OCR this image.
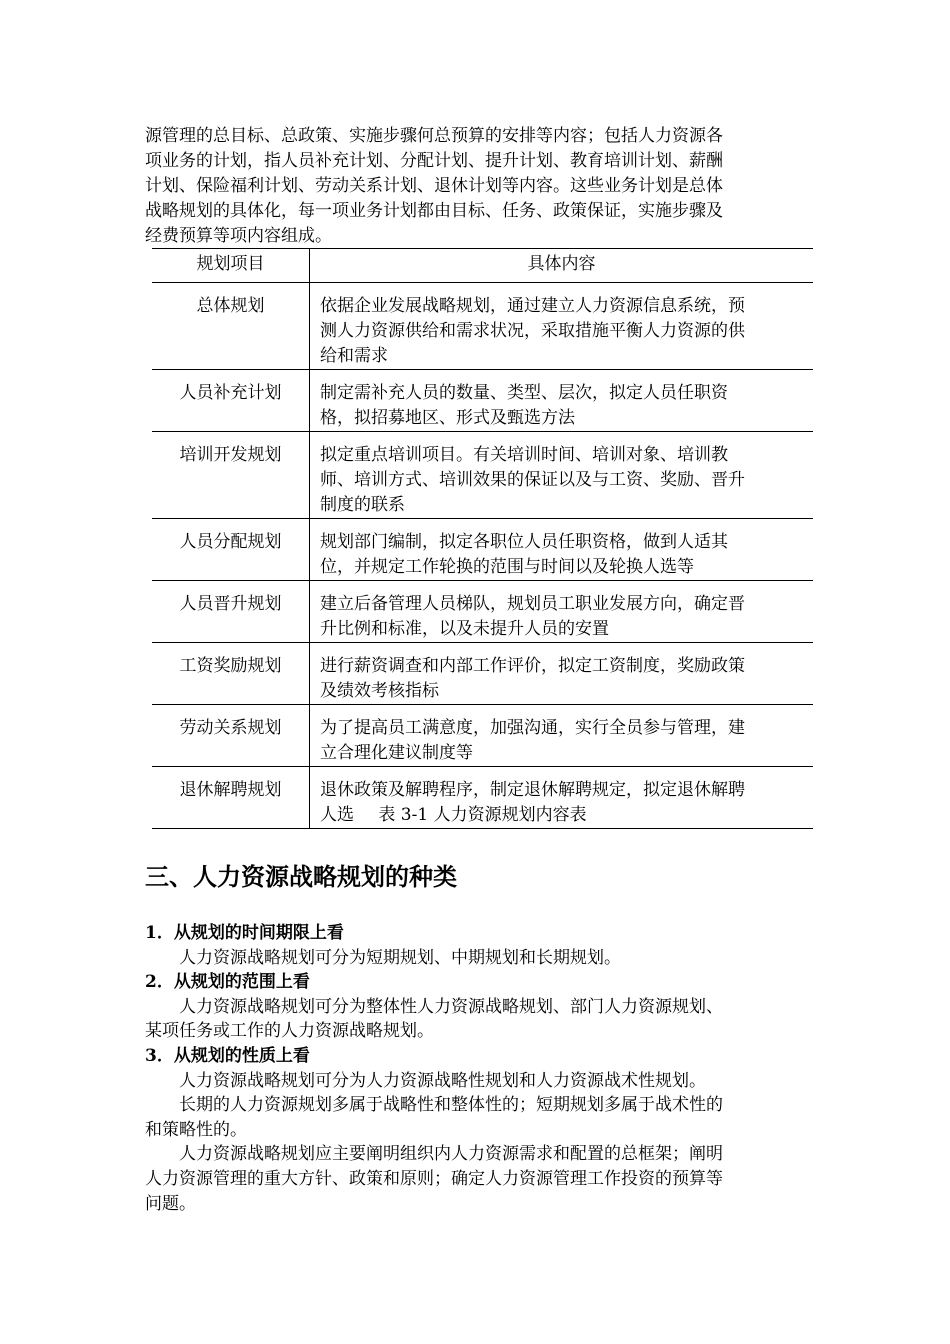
源管理的总目标、总政策、实施步骤何总预算的安排等内容；包括人力资源各
项业务的计划，指人员补充计划、分配计划、提升计划、教育培训计划、薪酬
计划、保险福利计划、劳动关系计划、退休计划等内容。这些业务计划是总体
战略规划的具体化，每一项业务计划都由目标、任务、政策保证，实施步骤及
经费预算等项内容组成。

规划项目	具体内容
总体规划	依据企业发展战略规划，通过建立人力资源信息系统，预
测人力资源供给和需求状况，采取措施平衡人力资源的供
给和需求

人员补充计划	制定需补充人员的数量、类型、层次，拟定人员任职资
格，拟招募地区、形式及甄选方法

培训开发规划	拟定重点培训项目。有关培训时间、培训对象、培训教
师、培训方式、培训效果的保证以及与工资、奖励、晋升
制度的联系

人员分配规划	规划部门编制，拟定各职位人员任职资格，做到人适其
位，并规定工作轮换的范围与时间以及轮换人选等

人员晋升规划	建立后备管理人员梯队，规划员工职业发展方向，确定晋
升比例和标准，以及未提升人员的安置

工资奖励规划	进行薪资调查和内部工作评价，拟定工资制度，奖励政策
及绩效考核指标

劳动关系规划	为了提高员工满意度，加强沟通，实行全员参与管理，建
立合理化建议制度等

退休解聘规划	退休政策及解聘程序，制定退休解聘规定，拟定退休解聘
人选	表 3-1 人力资源规划内容表
三、人力资源战略规划的种类
1．从规划的时间期限上看
人力资源战略规划可分为短期规划、中期规划和长期规划。
2．从规划的范围上看
人力资源战略规划可分为整体性人力资源战略规划、部门人力资源规划、
某项任务或工作的人力资源战略规划。
3．从规划的性质上看
人力资源战略规划可分为人力资源战略性规划和人力资源战术性规划。
长期的人力资源规划多属于战略性和整体性的；短期规划多属于战术性的
和策略性的。
人力资源战略规划应主要阐明组织内人力资源需求和配置的总框架；阐明
人力资源管理的重大方针、政策和原则；确定人力资源管理工作投资的预算等
问题。
